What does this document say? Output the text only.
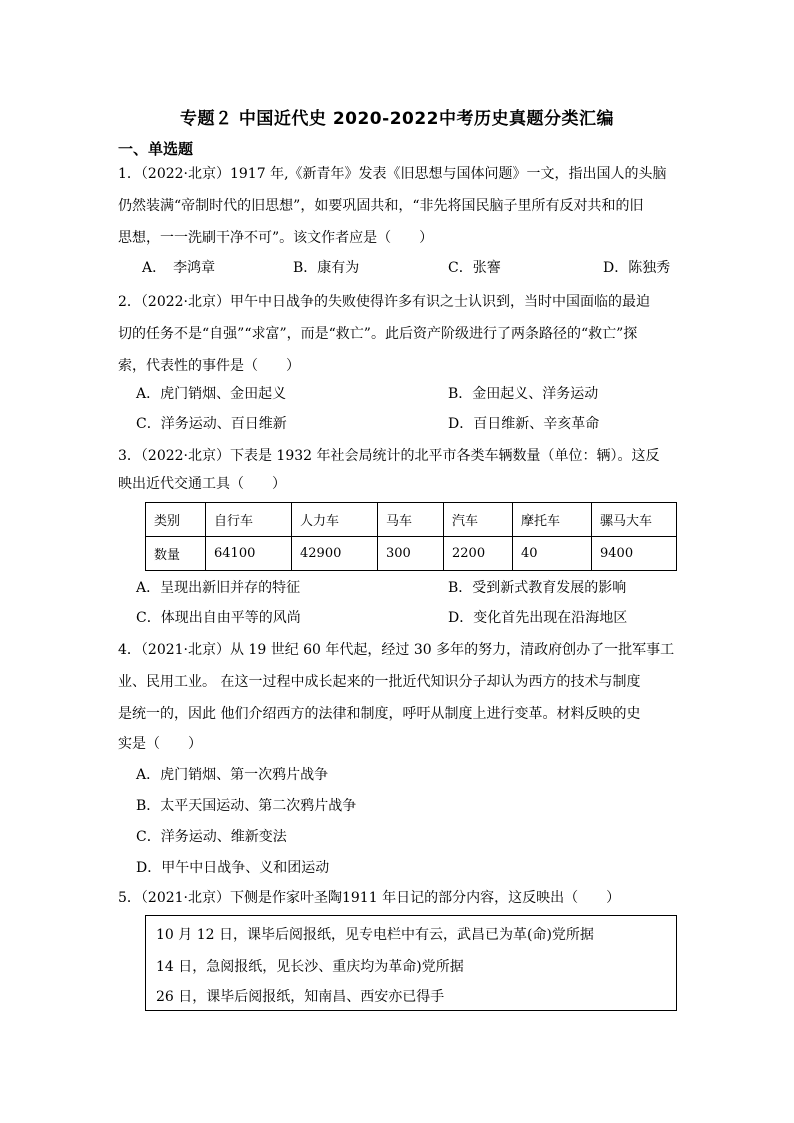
专题２ 中国近代史 2020-2022中考历史真题分类汇编
一、单选题
1．（2022·北京）1917 年,《新青年》发表《旧思想与国体问题》一文，指出国人的头脑
仍然装满“帝制时代的旧思想”，如要巩固共和，“非先将国民脑子里所有反对共和的旧
思想，一一洗刷干净不可”。该文作者应是（　　）
A．　李鸿章	B．康有为	C．张謇	D．陈独秀
2．（2022·北京）甲午中日战争的失败使得许多有识之士认识到，当时中国面临的最迫
切的任务不是“自强”“求富”，而是“救亡”。此后资产阶级进行了两条路径的“救亡”探
索，代表性的事件是（　　）
A．虎门销烟、金田起义	B．金田起义、洋务运动
C．洋务运动、百日维新	D．百日维新、辛亥革命
3．（2022·北京）下表是 1932 年社会局统计的北平市各类车辆数量（单位：辆）。这反
映出近代交通工具（　　）
类别	自行车	人力车	马车	汽车	摩托车	骡马大车
数量	64100	42900	300	2200	40	9400
A．呈现出新旧并存的特征	B．受到新式教育发展的影响
C．体现出自由平等的风尚	D．变化首先出现在沿海地区
4．（2021·北京）从 19 世纪 60 年代起，经过 30 多年的努力，清政府创办了一批军事工
业、民用工业。 在这一过程中成长起来的一批近代知识分子却认为西方的技术与制度
是统一的，因此 他们介绍西方的法律和制度，呼吁从制度上进行变革。材料反映的史
实是（　　）
A．虎门销烟、第一次鸦片战争
B．太平天国运动、第二次鸦片战争
C．洋务运动、维新变法
D．甲午中日战争、义和团运动
5．（2021·北京）下侧是作家叶圣陶1911 年日记的部分内容，这反映出（　　）
10 月 12 日，课毕后阅报纸，见专电栏中有云，武昌已为革(命)党所据
14 日，急阅报纸，见长沙、重庆均为革命)党所据
26 日，课毕后阅报纸，知南昌、西安亦已得手
